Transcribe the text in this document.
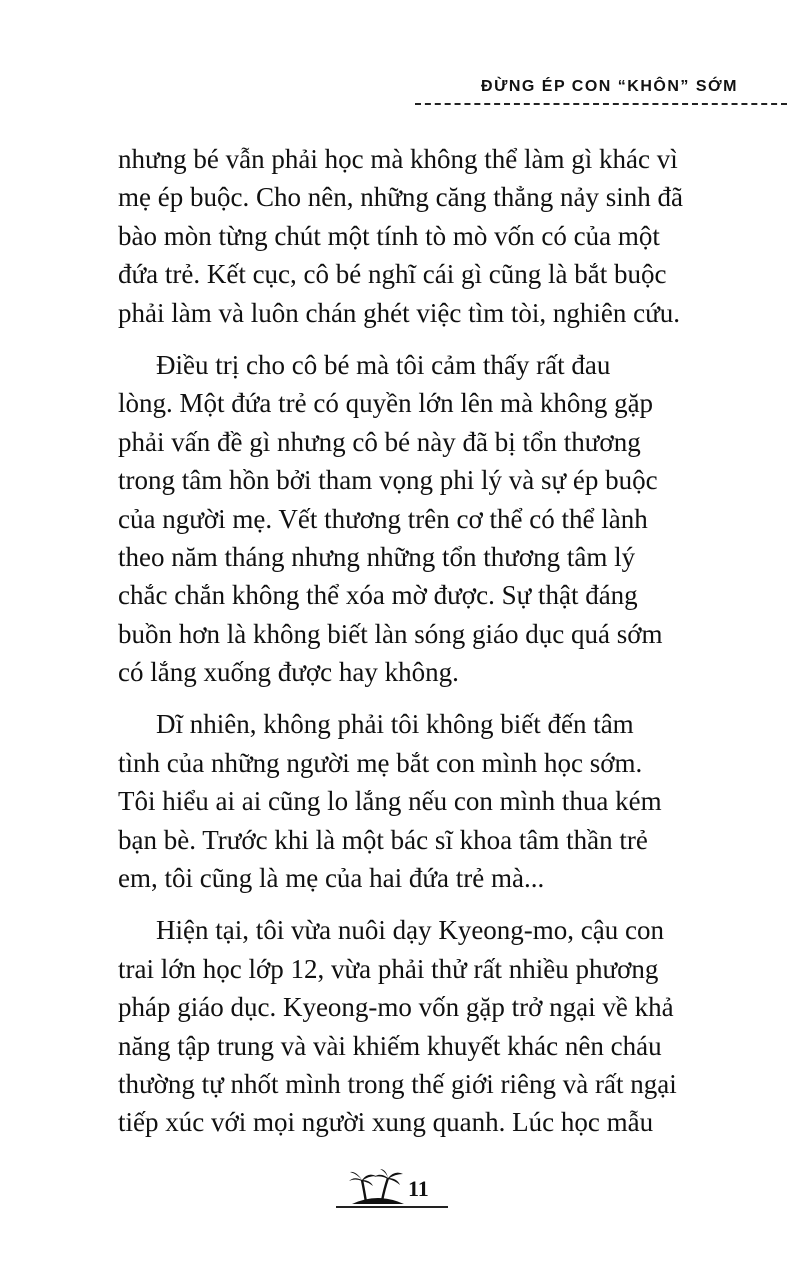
ĐỪNG ÉP CON “KHÔN” SỚM
nhưng bé vẫn phải học mà không thể làm gì khác vì
mẹ ép buộc. Cho nên, những căng thẳng nảy sinh đã
bào mòn từng chút một tính tò mò vốn có của một
đứa trẻ. Kết cục, cô bé nghĩ cái gì cũng là bắt buộc
phải làm và luôn chán ghét việc tìm tòi, nghiên cứu.
Điều trị cho cô bé mà tôi cảm thấy rất đau
lòng. Một đứa trẻ có quyền lớn lên mà không gặp
phải vấn đề gì nhưng cô bé này đã bị tổn thương
trong tâm hồn bởi tham vọng phi lý và sự ép buộc
của người mẹ. Vết thương trên cơ thể có thể lành
theo năm tháng nhưng những tổn thương tâm lý
chắc chắn không thể xóa mờ được. Sự thật đáng
buồn hơn là không biết làn sóng giáo dục quá sớm
có lắng xuống được hay không.
Dĩ nhiên, không phải tôi không biết đến tâm
tình của những người mẹ bắt con mình học sớm.
Tôi hiểu ai ai cũng lo lắng nếu con mình thua kém
bạn bè. Trước khi là một bác sĩ khoa tâm thần trẻ
em, tôi cũng là mẹ của hai đứa trẻ mà...
Hiện tại, tôi vừa nuôi dạy Kyeong-mo, cậu con
trai lớn học lớp 12, vừa phải thử rất nhiều phương
pháp giáo dục. Kyeong-mo vốn gặp trở ngại về khả
năng tập trung và vài khiếm khuyết khác nên cháu
thường tự nhốt mình trong thế giới riêng và rất ngại
tiếp xúc với mọi người xung quanh. Lúc học mẫu
11
